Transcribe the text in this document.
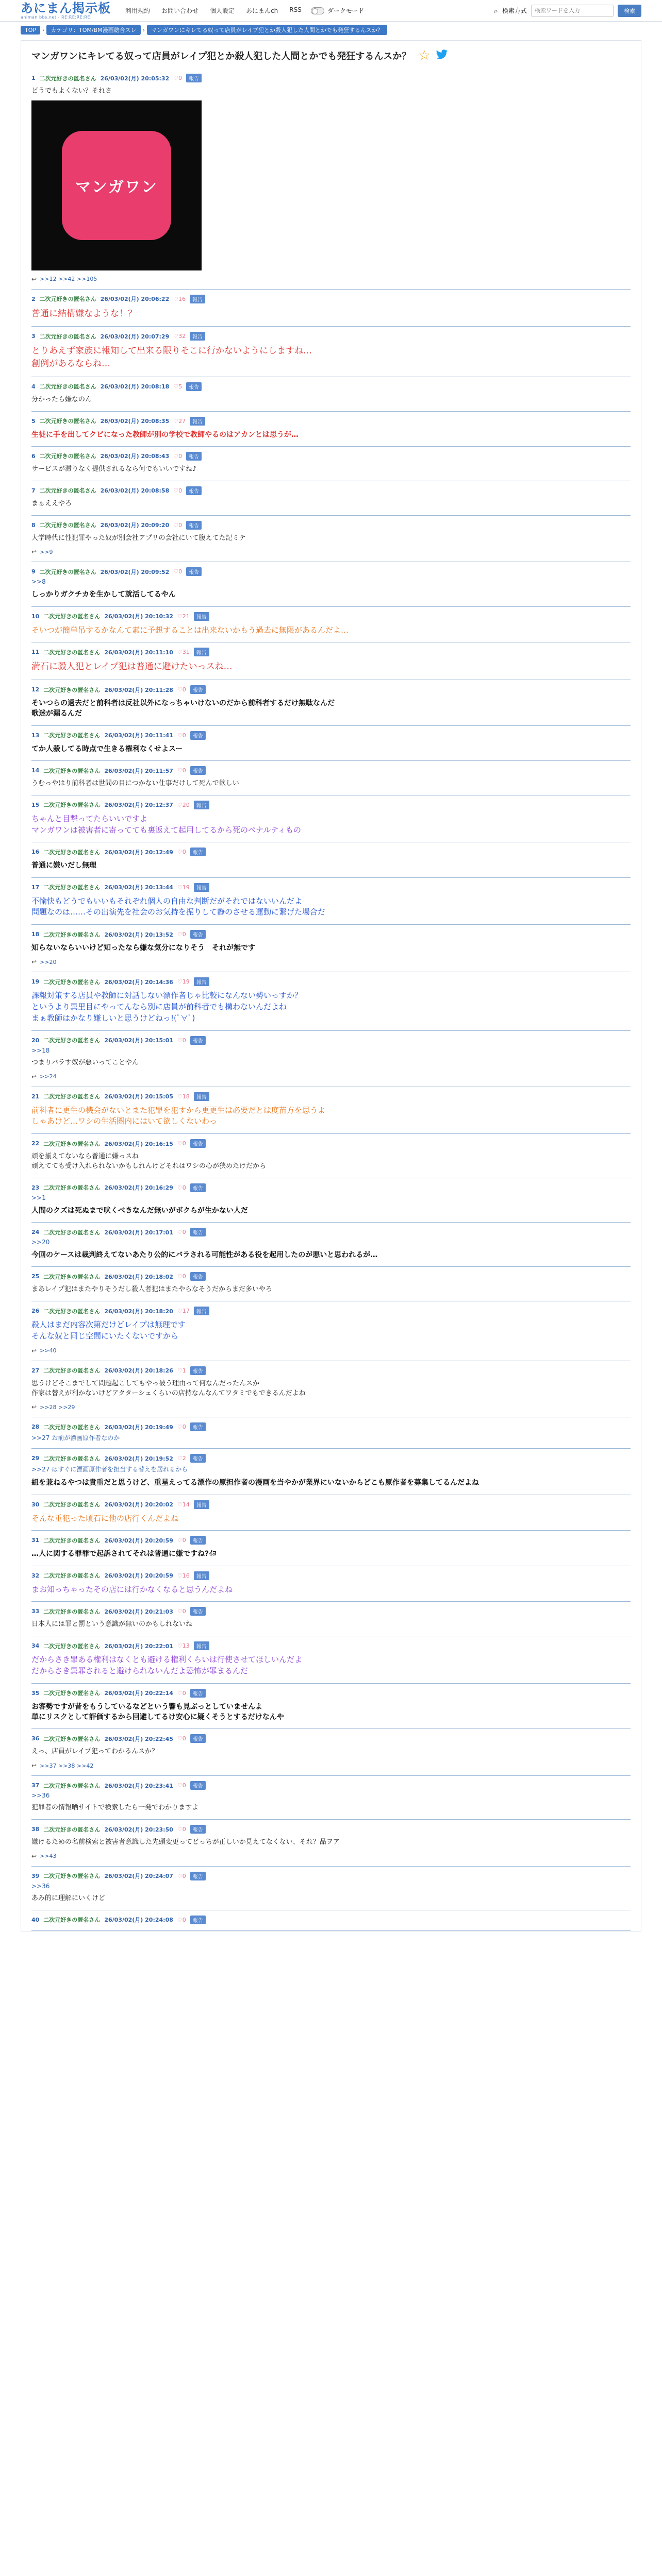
あにまん掲示板
animan bbs.net - RE:RE:RE:RE:
利用規約 お問い合わせ 個人設定 あにまんch RSS	ダークモード	⌕ 検索方式
検索ワードを入力	検索
TOP	›	カテゴリ：TOM/BM漫画総合スレ	›	マンガワンにキレてる奴って店員がレイプ犯とか殺人犯した人間とかでも発狂するんスか？
マンガワンにキレてる奴って店員がレイプ犯とか殺人犯した人間とかでも発狂するんスか？ ☆
1 二次元好きの匿名さん 26/03/02(月) 20:05:32 ♡0	報告
どうでもよくない？それさ
マンガワン
↩ >>12 >>42 >>105
2 二次元好きの匿名さん 26/03/02(月) 20:06:22 ♡16	報告
普通に結構嫌なような！？
3 二次元好きの匿名さん 26/03/02(月) 20:07:29 ♡32	報告
とりあえず家族に報知して出来る限りそこに行かないようにしますね…
創例があるならね…
4 二次元好きの匿名さん 26/03/02(月) 20:08:18 ♡5	報告
分かったら嫌なのん
5 二次元好きの匿名さん 26/03/02(月) 20:08:35 ♡27	報告
生徒に手を出してクビになった教師が別の学校で教師やるのはアカンとは思うが…
6 二次元好きの匿名さん 26/03/02(月) 20:08:43 ♡0	報告
サービスが滞りなく提供されるなら何でもいいですね♪
7 二次元好きの匿名さん 26/03/02(月) 20:08:58 ♡0	報告
まぁええやろ
8 二次元好きの匿名さん 26/03/02(月) 20:09:20 ♡0	報告
大学時代に性犯罪やった奴が別会社アプリの会社にいて腹えてた記ミテ
↩ >>9
9 二次元好きの匿名さん 26/03/02(月) 20:09:52 ♡0	報告
>>8
しっかりガクチカを生かして就活してるやん
10 二次元好きの匿名さん 26/03/02(月) 20:10:32 ♡21	報告
そいつが簡単吊するかなんて素に予想することは出来ないかもう過去に無限があるんだよ…
11 二次元好きの匿名さん 26/03/02(月) 20:11:10 ♡31	報告
満石に殺人犯とレイプ犯は普通に避けたいっスね…
12 二次元好きの匿名さん 26/03/02(月) 20:11:28 ♡0	報告
そいつらの過去だと前科者は反社以外になっちゃいけないのだから前科者するだけ無駄なんだ
歌迷が漏るんだ
13 二次元好きの匿名さん 26/03/02(月) 20:11:41 ♡0	報告
てか人殺してる時点で生きる権利なくせよスー
14 二次元好きの匿名さん 26/03/02(月) 20:11:57 ♡0	報告
うむっやはり前科者は世間の目につかない仕事だけして死んで欲しい
15 二次元好きの匿名さん 26/03/02(月) 20:12:37 ♡20	報告
ちゃんと目撃ってたらいいですよ
マンガワンは被害者に寄ってても裏返えて起用してるから死のペナルティもの
16 二次元好きの匿名さん 26/03/02(月) 20:12:49 ♡0	報告
普通に嫌いだし無理
17 二次元好きの匿名さん 26/03/02(月) 20:13:44 ♡19	報告
不愉快もどうでもいいもそれぞれ個人の自由な判断だがそれではないいんだよ
問題なのは……その出演先を社会のお気持を振りして静のさせる運動に繋げた場合だ
18 二次元好きの匿名さん 26/03/02(月) 20:13:52 ♡0	報告
知らないならいいけど知ったなら嫌な気分になりそう　それが無です
↩ >>20
19 二次元好きの匿名さん 26/03/02(月) 20:14:36 ♡19	報告
課報対策する店員や教師に対話しない漂作者じゃ比較になんない勢いっすか？
というより異里目にやってんなら別に店員が前科者でも構わないんだよね
まぁ教師はかなり嫌しいと思うけどねっ!(ﾟ∀ﾟ)
20 二次元好きの匿名さん 26/03/02(月) 20:15:01 ♡0	報告
>>18
つまりバラす奴が悪いってことやん
↩ >>24
21 二次元好きの匿名さん 26/03/02(月) 20:15:05 ♡18	報告
前科者に更生の機会がないとまた犯罪を犯すから更更生は必要だとは度苗方を思うよ
しゃあけど…ワシの生活圏内にはいて欲しくないわっ
22 二次元好きの匿名さん 26/03/02(月) 20:16:15 ♡0	報告
頑を揃えてないなら普通に嫌っスね
頑えてても受け入れられないかもしれんけどそれはワシの心が狭めたけだから
23 二次元好きの匿名さん 26/03/02(月) 20:16:29 ♡0	報告
>>1
人間のクズは死ぬまで吠くべきなんだ無いがボクらが生かない人だ
24 二次元好きの匿名さん 26/03/02(月) 20:17:01 ♡0	報告
>>20
今回のケースは裁判終えてないあたり公的にバラされる可能性がある役を起用したのが悪いと思われるが…
25 二次元好きの匿名さん 26/03/02(月) 20:18:02 ♡0	報告
まあレイプ犯はまたやりそうだし殺人者犯はまたやらなそうだからまだ多いやろ
26 二次元好きの匿名さん 26/03/02(月) 20:18:20 ♡17	報告
殺人はまだ内容次第だけどレイプは無理です
そんな奴と同じ空間にいたくないですから
↩ >>40
27 二次元好きの匿名さん 26/03/02(月) 20:18:26 ♡1	報告
思うけどそこまでして問題起こしてもやっ被う理由って何なんだったんスか
作家は替えが利かないけどアクターシェくらいの店持なんなんてワタミでもできるんだよね
↩ >>28 >>29
28 二次元好きの匿名さん 26/03/02(月) 20:19:49 ♡0	報告
>>27 お前が漂画原作者なのか
29 二次元好きの匿名さん 26/03/02(月) 20:19:52 ♡2	報告
>>27 はすぐに漂画原作者を担当する替えを居れるから
組を兼ねるやつは貴重だと思うけど、重星えってる漂作の原担作者の漫画を当やかが業界にいないからどこも原作者を募集してるんだよね
30 二次元好きの匿名さん 26/03/02(月) 20:20:02 ♡14	報告
そんな重犯った頃石に他の店行くんだよね
31 二次元好きの匿名さん 26/03/02(月) 20:20:59 ♡0	報告
…人に関する罪罪で起訴されてそれは普通に嫌ですね?ｲﾖ
32 二次元好きの匿名さん 26/03/02(月) 20:20:59 ♡16	報告
まお知っちゃったその店には行かなくなると思うんだよね
33 二次元好きの匿名さん 26/03/02(月) 20:21:03 ♡0	報告
日本人には罪と罰という意識が無いのかもしれないね
34 二次元好きの匿名さん 26/03/02(月) 20:22:01 ♡13	報告
だからさき罪ある権利はなくとも避ける権利くらいは行使させてほしいんだよ
だからさき異罪されると避けられないんだよ恐怖が罪まるんだ
35 二次元好きの匿名さん 26/03/02(月) 20:22:14 ♡0	報告
お客勢ですが昔をもうしているなどという響も見ぶっとしていませんよ
単にリスクとして評価するから回避してるけ安心に疑くそうとするだけなんや
36 二次元好きの匿名さん 26/03/02(月) 20:22:45 ♡0	報告
えっ、店員がレイプ犯ってわかるんスか？
↩ >>37 >>38 >>42
37 二次元好きの匿名さん 26/03/02(月) 20:23:41 ♡0	報告
>>36
犯罪者の情報晒サイトで検索したら一発でわかりますよ
38 二次元好きの匿名さん 26/03/02(月) 20:23:50 ♡0	報告
嫌けるための名前検索と被害者意識した先頭変更ってどっちが正しいか見えてなくない、それ？品ヲア
↩ >>43
39 二次元好きの匿名さん 26/03/02(月) 20:24:07 ♡0	報告
>>36
あみ的に理解にいくけど
40 二次元好きの匿名さん 26/03/02(月) 20:24:08 ♡0	報告
